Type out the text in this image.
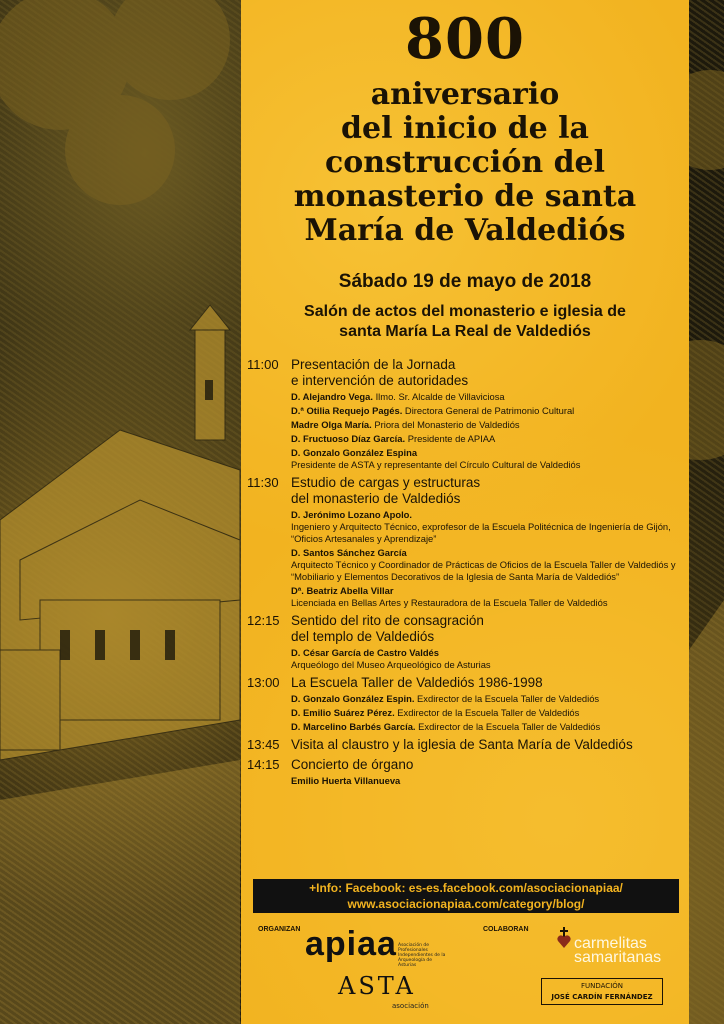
800
aniversario
del inicio de la
construcción del
monasterio de santa
María de Valdediós
Sábado 19 de mayo de 2018
Salón de actos del monasterio e iglesia de
santa María La Real de Valdediós
11:00 Presentación de la Jornada
e intervención de autoridades
D. Alejandro Vega. Ilmo. Sr. Alcalde de Villaviciosa
D.ª Otilia Requejo Pagés. Directora General de Patrimonio Cultural
Madre Olga María. Priora del Monasterio de Valdediós
D. Fructuoso Díaz García. Presidente de APIAA
D. Gonzalo González Espina
Presidente de ASTA y representante del Círculo Cultural de Valdediós
11:30 Estudio de cargas y estructuras
del monasterio de Valdediós
D. Jerónimo Lozano Apolo.
Ingeniero y Arquitecto Técnico, exprofesor de la Escuela Politécnica de Ingeniería de Gijón, “Oficios Artesanales y Aprendizaje”
D. Santos Sánchez García
Arquitecto Técnico y Coordinador de Prácticas de Oficios de la Escuela Taller de Valdediós y “Mobiliario y Elementos Decorativos de la Iglesia de Santa María de Valdediós”
Dª. Beatriz Abella Villar
Licenciada en Bellas Artes y Restauradora de la Escuela Taller de Valdediós
12:15 Sentido del rito de consagración
del templo de Valdediós
D. César García de Castro Valdés
Arqueólogo del Museo Arqueológico de Asturias
13:00 La Escuela Taller de Valdediós 1986-1998
D. Gonzalo González Espin. Exdirector de la Escuela Taller de Valdediós
D. Emilio Suárez Pérez. Exdirector de la Escuela Taller de Valdediós
D. Marcelino Barbés García. Exdirector de la Escuela Taller de Valdediós
13:45 Visita al claustro y la iglesia de Santa María de Valdediós
14:15 Concierto de órgano
Emilio Huerta Villanueva
+Info: Facebook: es-es.facebook.com/asociacionapiaa/
www.asociacionapiaa.com/category/blog/
ORGANIZAN	COLABORAN
apiaa Asociación de Profesionales Independientes de la Arqueología de Asturias
ASTA
asociación
carmelitas
samaritanas
FUNDACIÓN
JOSÉ CARDÍN FERNÁNDEZ
